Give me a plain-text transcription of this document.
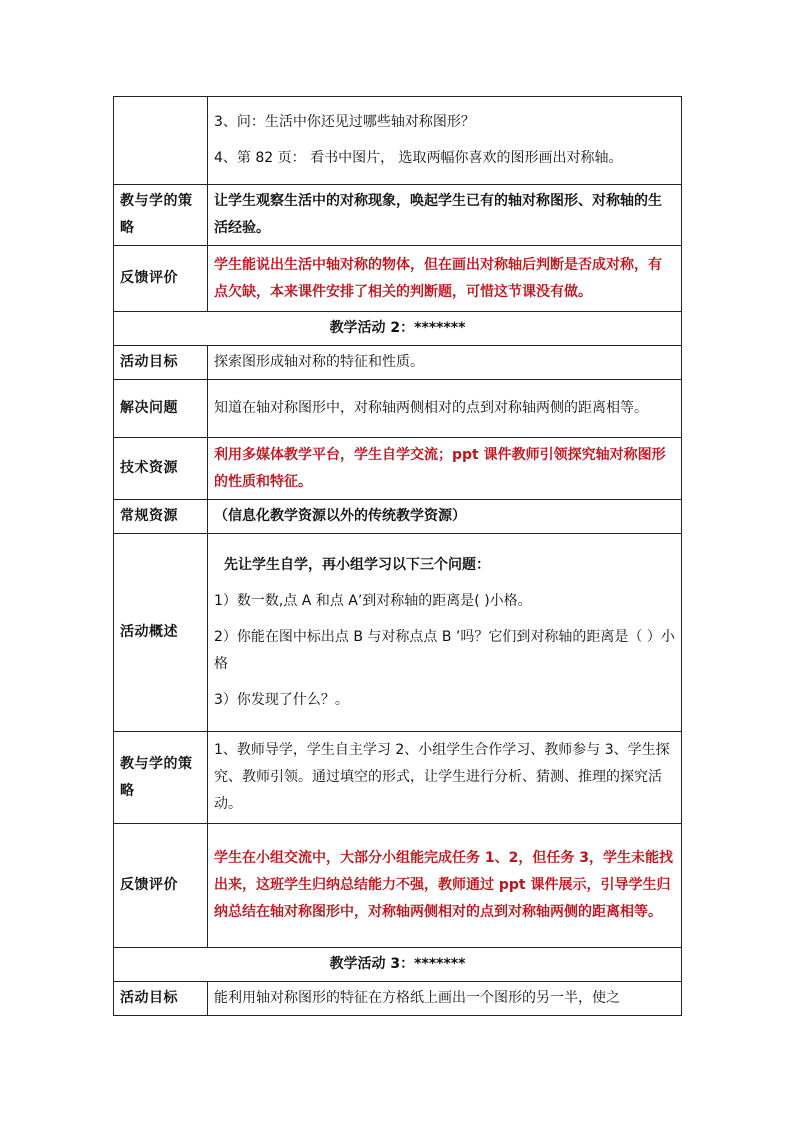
	3、问：生活中你还见过哪些轴对称图形？

4、第 82 页： 看书中图片， 选取两幅你喜欢的图形画出对称轴。

教与学的策略	让学生观察生活中的对称现象，唤起学生已有的轴对称图形、对称轴的生活经验。
反馈评价	学生能说出生活中轴对称的物体，但在画出对称轴后判断是否成对称，有点欠缺，本来课件安排了相关的判断题，可惜这节课没有做。
教学活动 2：*******	
活动目标	探索图形成轴对称的特征和性质。
解决问题	知道在轴对称图形中，对称轴两侧相对的点到对称轴两侧的距离相等。
技术资源	利用多媒体教学平台，学生自学交流；ppt 课件教师引领探究轴对称图形的性质和特征。
常规资源	（信息化教学资源以外的传统教学资源）
活动概述	先让学生自学，再小组学习以下三个问题：

1）数一数,点 A 和点 A’到对称轴的距离是( )小格。

2）你能在图中标出点 B 与对称点点 B ’吗？它们到对称轴的距离是（ ）小格

3）你发现了什么？。

教与学的策略	1、教师导学，学生自主学习 2、小组学生合作学习、教师参与 3、学生探究、教师引领。通过填空的形式，让学生进行分析、猜测、推理的探究活动。
反馈评价	学生在小组交流中，大部分小组能完成任务 1、2，但任务 3，学生未能找出来，这班学生归纳总结能力不强，教师通过 ppt 课件展示，引导学生归纳总结在轴对称图形中，对称轴两侧相对的点到对称轴两侧的距离相等。
教学活动 3：*******	
活动目标	能利用轴对称图形的特征在方格纸上画出一个图形的另一半，使之
